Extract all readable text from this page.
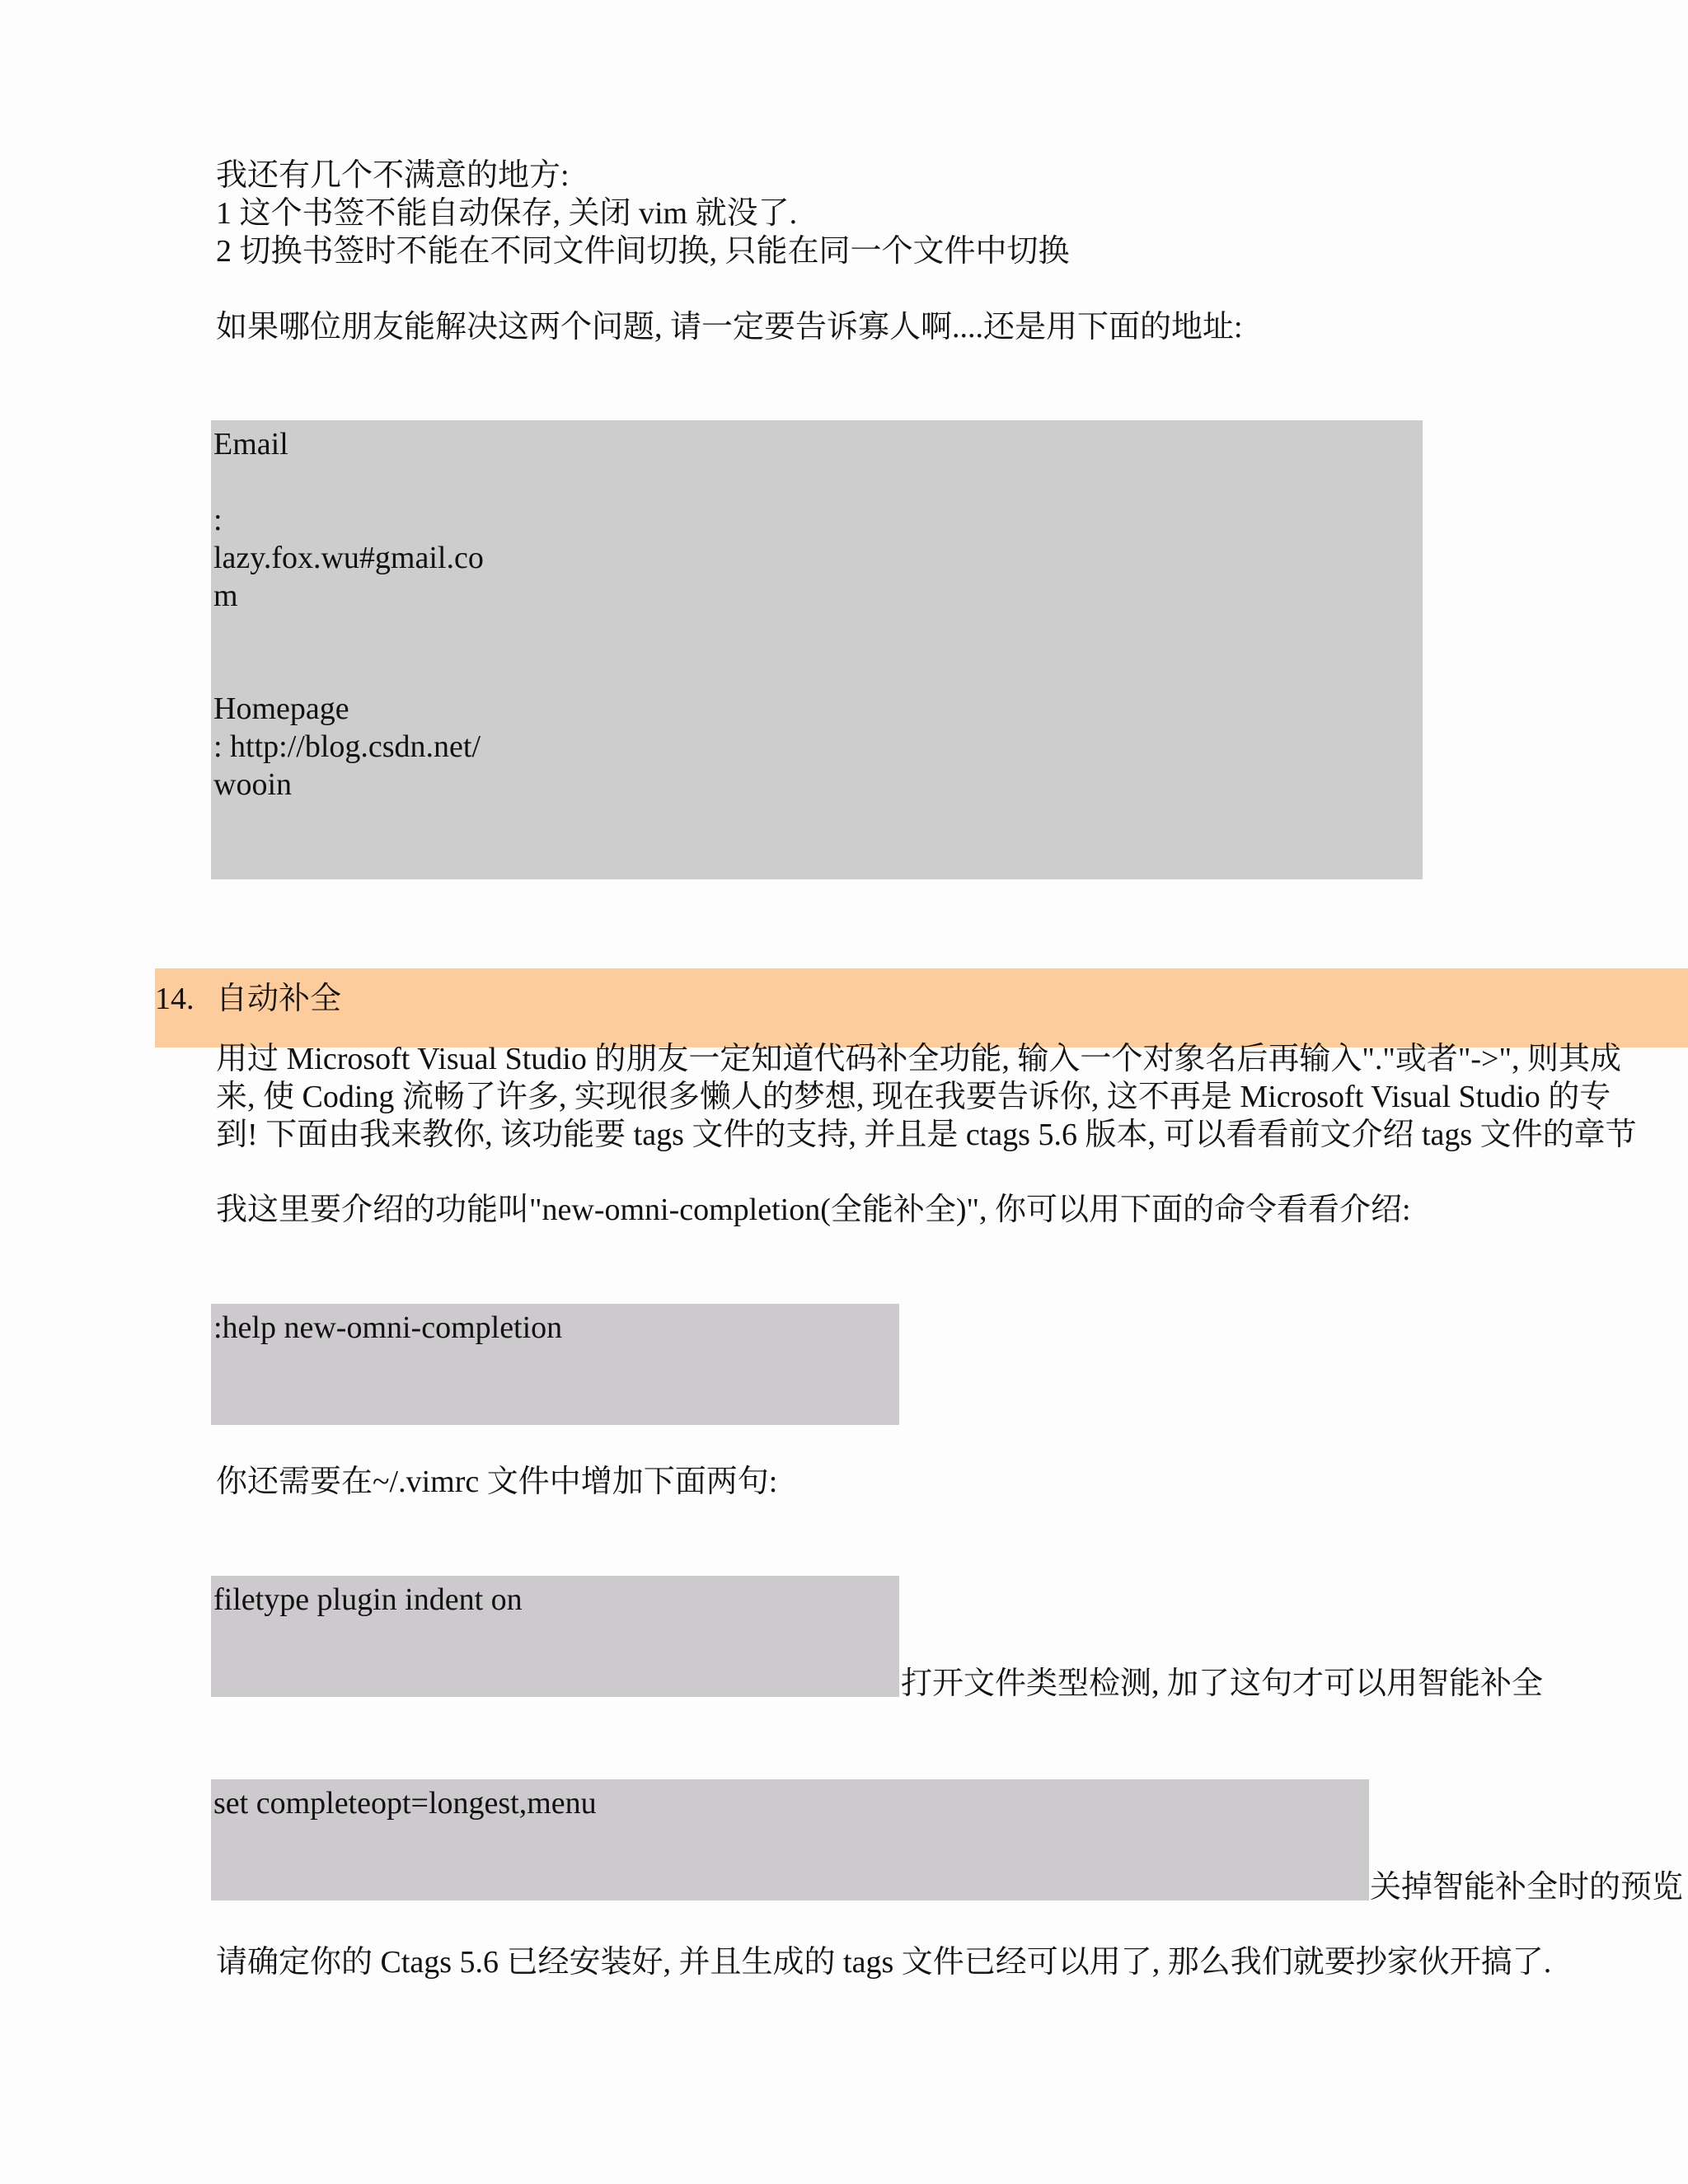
我还有几个不满意的地方:
1 这个书签不能自动保存, 关闭 vim 就没了.
2 切换书签时不能在不同文件间切换, 只能在同一个文件中切换
如果哪位朋友能解决这两个问题, 请一定要告诉寡人啊....还是用下面的地址:
Email
:
lazy.fox.wu#gmail.co
m
Homepage
: http://blog.csdn.net/
wooin
14. 自动补全
用过 Microsoft Visual Studio 的朋友一定知道代码补全功能, 输入一个对象名后再输入"."或者"->", 则其成
来, 使 Coding 流畅了许多, 实现很多懒人的梦想, 现在我要告诉你, 这不再是 Microsoft Visual Studio 的专
到! 下面由我来教你, 该功能要 tags 文件的支持, 并且是 ctags 5.6 版本, 可以看看前文介绍 tags 文件的章节
我这里要介绍的功能叫"new-omni-completion(全能补全)", 你可以用下面的命令看看介绍:
:help new-omni-completion
你还需要在~/.vimrc 文件中增加下面两句:
filetype plugin indent on
打开文件类型检测, 加了这句才可以用智能补全
set completeopt=longest,menu
关掉智能补全时的预览
请确定你的 Ctags 5.6 已经安装好, 并且生成的 tags 文件已经可以用了, 那么我们就要抄家伙开搞了.
